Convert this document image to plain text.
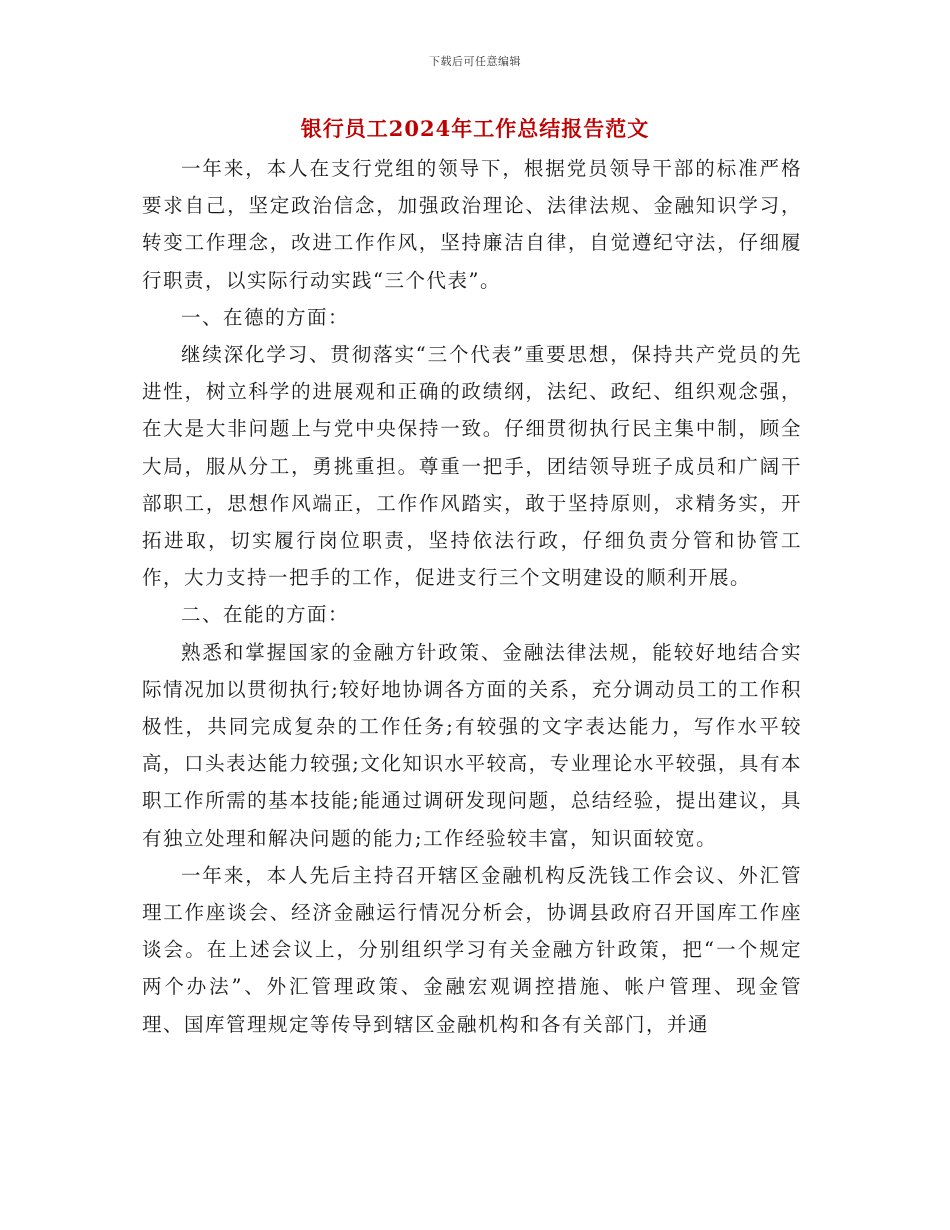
下载后可任意编辑
银行员工2024年工作总结报告范文

一年来，本人在支行党组的领导下，根据党员领导干部的标准严格要求自己，坚定政治信念，加强政治理论、法律法规、金融知识学习，转变工作理念，改进工作作风，坚持廉洁自律，自觉遵纪守法，仔细履行职责，以实际行动实践“三个代表”。

一、在德的方面：

继续深化学习、贯彻落实“三个代表”重要思想，保持共产党员的先进性，树立科学的进展观和正确的政绩纲，法纪、政纪、组织观念强，在大是大非问题上与党中央保持一致。仔细贯彻执行民主集中制，顾全大局，服从分工，勇挑重担。尊重一把手，团结领导班子成员和广阔干部职工，思想作风端正，工作作风踏实，敢于坚持原则，求精务实，开拓进取，切实履行岗位职责，坚持依法行政，仔细负责分管和协管工作，大力支持一把手的工作，促进支行三个文明建设的顺利开展。

二、在能的方面：

熟悉和掌握国家的金融方针政策、金融法律法规，能较好地结合实际情况加以贯彻执行;较好地协调各方面的关系，充分调动员工的工作积极性，共同完成复杂的工作任务;有较强的文字表达能力，写作水平较高，口头表达能力较强;文化知识水平较高，专业理论水平较强，具有本职工作所需的基本技能;能通过调研发现问题，总结经验，提出建议，具有独立处理和解决问题的能力;工作经验较丰富，知识面较宽。

一年来，本人先后主持召开辖区金融机构反洗钱工作会议、外汇管理工作座谈会、经济金融运行情况分析会，协调县政府召开国库工作座谈会。在上述会议上，分别组织学习有关金融方针政策，把“一个规定两个办法”、外汇管理政策、金融宏观调控措施、帐户管理、现金管理、国库管理规定等传导到辖区金融机构和各有关部门，并通
